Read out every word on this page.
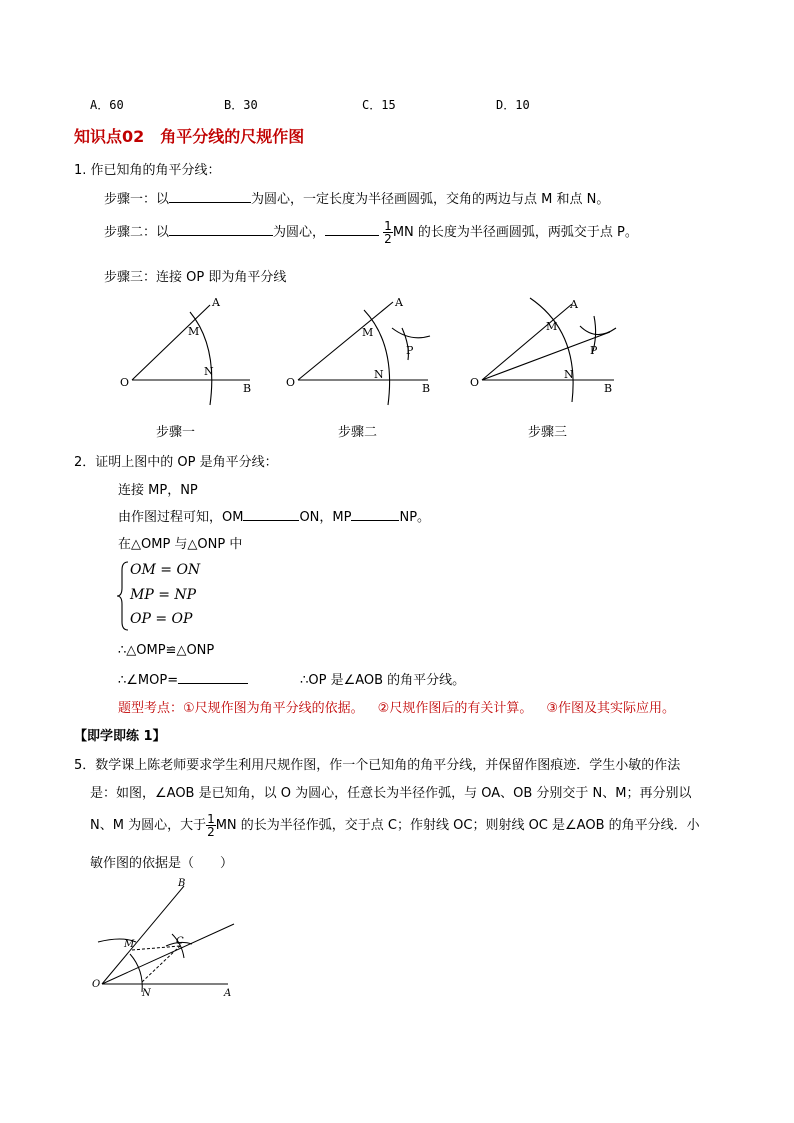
A．60	B．30	C．15	D．10
知识点02　角平分线的尺规作图
1. 作已知角的角平分线：
步骤一：以	为圆心，一定长度为半径画圆弧，交角的两边与点 M 和点 N。
步骤二：以	为圆心，	$\frac{1}{2}$ MN 的长度为半径画圆弧，两弧交于点 P。
步骤三：连接 OP 即为角平分线
O
A
B
M
N
O
A
B
M
N
P
O
A
B
M
N
P
步骤一	步骤二	步骤三
2．证明上图中的 OP 是角平分线：
连接 MP，NP
由作图过程可知，OM	ON，MP	NP。
在△OMP 与△ONP 中
OM = ON
MP = NP
OP = OP
∴△OMP≌△ONP
∴∠MOP=	∴OP 是∠AOB 的角平分线。
题型考点：①尺规作图为角平分线的依据。 ②尺规作图后的有关计算。 ③作图及其实际应用。
【即学即练 1】
5．数学课上陈老师要求学生利用尺规作图，作一个已知角的角平分线，并保留作图痕迹．学生小敏的作法
是：如图，∠AOB 是已知角，以 O 为圆心，任意长为半径作弧，与 OA、OB 分别交于 N、M；再分别以
N、M 为圆心，大于 $\frac{1}{2}$ MN 的长为半径作弧，交于点 C；作射线 OC；则射线 OC 是∠AOB 的角平分线．小
敏作图的依据是（　　）
O
A
B
M
N
C
